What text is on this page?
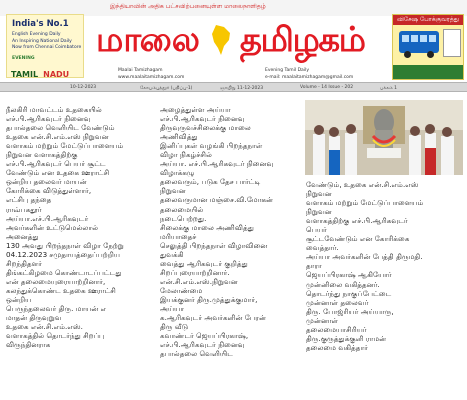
இந்தியாவின் அதிக பட்சவிற்பனையுள்ள மாலைநாளிதழ்
India's No.1
English Evening Daily
An Inspiring National Daily
Now from Chennai Coimbatore
EVENING
TAMIL NADU
மாலை தமிழகம்
Maalai Tamizhagam	Evening Tamil Daily
www.maalaitamizhagam.com	e-mail: maalaitamizhagam@gmail.com
விசேஷ போக்குவரத்து
10-12-2023	கோயம்புத்தூர் (பதிப்பு-1)	ஞாயிறு 11-12-2023	Volume - 14 Issue - 202	பக்கம் 1
நீலகிரி மாவட்டம் உதகையில்
எச்.பி.ஆரிகவுடர் நினைவு
தபால்தலை வெளியிட வேண்டும்
உதகை என்.சி.எம்.எஸ் நிறுவன
வளாகம் மற்றும் மேட்டுப்பாளையம்
நிறுவன வளாகத்திற்கு
எச்.பி.ஆரிகவுடர் பெயர் சூட்ட
வேண்டும் என உதகை ஊராட்சி
ஒன்றிய தலைவர் மாயன்
கோரிக்கை விடுத்துள்ளார்,
எட்சிபு தந்தை
ராவ்பகதூர்
அய்யா.எச்.பி.ஆரிகவுடர்
அவர்களின் உட்டுமெல்லால்
அனைத்து
130 அவது பிறந்தநாள் விழா நேற்று
04.12.2023 சமுதாயத்தைப்பற்றிய
சிறந்திதளர்
திங்கட்கிழமை கொண்டாடப்பட்டது
என் தலைமையுரையாற்றினார்,
கலந்துக்கொண்ட உதகை ஊராட்சி
ஒன்றிய
பெருந்தலைவர் திரு. மாயன் எ
மாதன் திருவுறுவ
உதகை என்.சி.எம்.எஸ்.
வளாகத்தில் தொடர்ந்து சிறப்பு
விருந்தினராக
அழைத்துள்ள அய்யா
எச்.பி.ஆரிகவுடர் நினைவு
திருவுருவச்சிலைக்கு மாலை
அணிவித்து
இனிப்புகள் வழங்கி பிறந்தநாள்
விழா நிகழ்ச்சில்
அய்யா. எச்.பி.ஆரிகவுடர் நினைவு
விழாக்கழு
தலைவரும், படுக தேச பார்ட்டி
நிறுவன
தலைவருமான மஞ்சை.வி.மோகன்
தலைமையில்
நடைபெற்றது.
சிலைக்கு மாலை அணிவித்து
மரியாதைச்
செலுத்தி பிறந்தநாள் விழாவினை
துவக்கி
வைத்து ஆரிகவுடர் குறித்து
சிறப்புரையாற்றினார்.
என்.சி.எம்.எஸ்.நிறுவன
மேலாண்மை
இயக்குனர் திரு.முத்துக்குமார்,
அய்யா
க.ஆரிகவுடர் அவர்களின் பேரன்
திரு வீடு
கவாண்டர் ஜெயப்பிரகாஷ்,
எச்.பி.ஆரிகவுடர் நினைவு
தபால்தலை வெளியிட
வேண்டும், உதகை என்.சி.எம்.எஸ்
நிறுவன
வளாகம் மற்றும் மேட்டுப்பாளையம்
நிறுவன
வளாகத்திற்கு எச்.பி.ஆரிகவுடர்
பெயர்
சூட்டவேண்டும் என கோரிக்கை
வைத்தார்.
அய்யா அவர்களின் பேத்தி திருமதி.
தாரா
ஜெயப்பிரகாஷ் ஆகியோர்
முன்னிலை வகித்தனர்.
தொடர்ந்து நாகுப்பேட்டை
முன்னாள் தலைவர்
திரு. போஜ்ரியர் அய்யாரு,
முன்னாள்
தலைமையாசிரியர்
திரு.குருத்துக்குளி ராமன்
தலைமை வகித்தார்
